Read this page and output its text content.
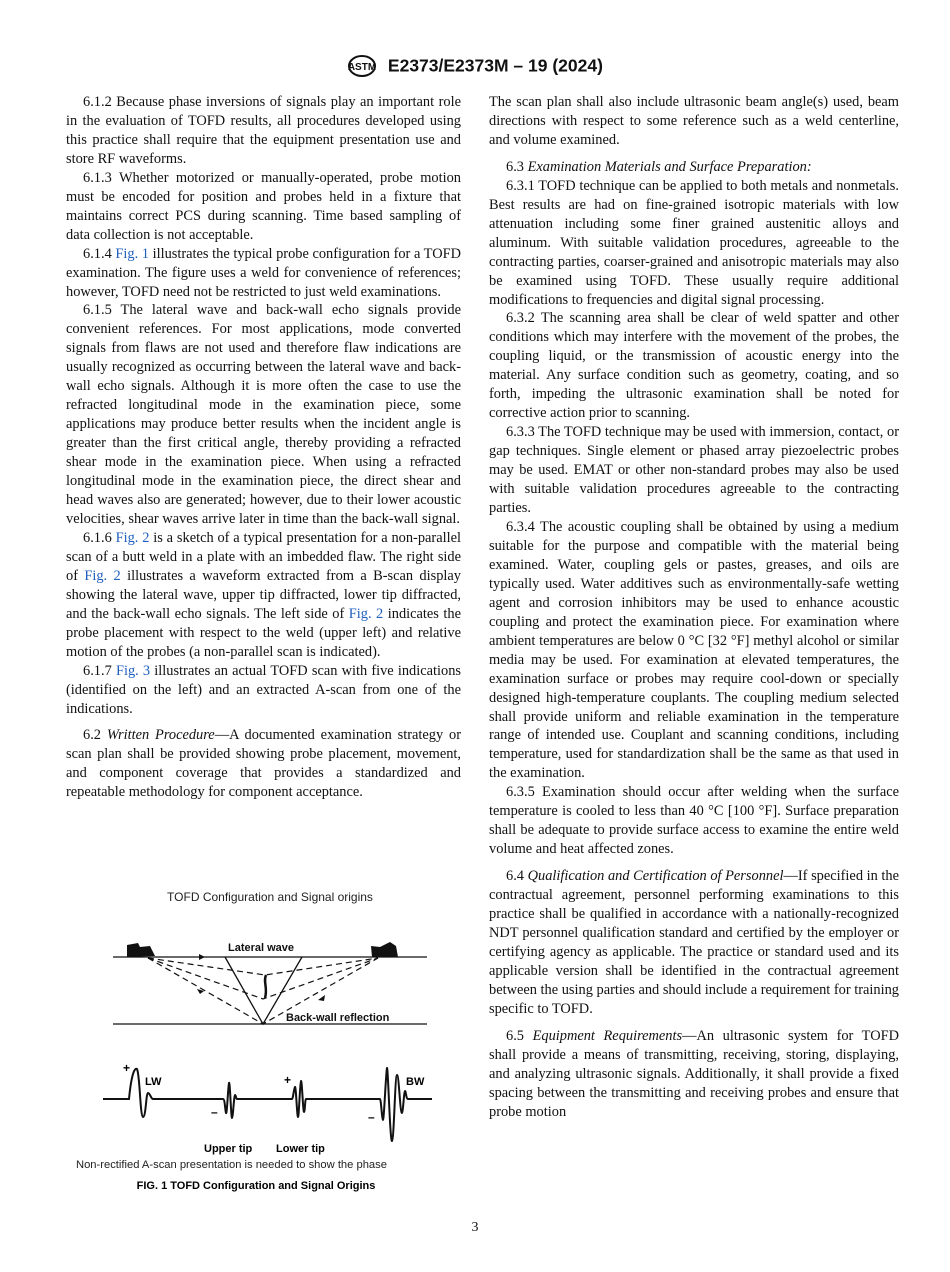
ASTM E2373/E2373M – 19 (2024)

6.1.2 Because phase inversions of signals play an important role in the evaluation of TOFD results, all procedures developed using this practice shall require that the equipment presentation use and store RF waveforms.

6.1.3 Whether motorized or manually-operated, probe motion must be encoded for position and probes held in a fixture that maintains correct PCS during scanning. Time based sampling of data collection is not acceptable.

6.1.4 Fig. 1 illustrates the typical probe configuration for a TOFD examination. The figure uses a weld for convenience of references; however, TOFD need not be restricted to just weld examinations.

6.1.5 The lateral wave and back-wall echo signals provide convenient references. For most applications, mode converted signals from flaws are not used and therefore flaw indications are usually recognized as occurring between the lateral wave and back-wall echo signals. Although it is more often the case to use the refracted longitudinal mode in the examination piece, some applications may produce better results when the incident angle is greater than the first critical angle, thereby providing a refracted shear mode in the examination piece. When using a refracted longitudinal mode in the examination piece, the direct shear and head waves also are generated; however, due to their lower acoustic velocities, shear waves arrive later in time than the back-wall signal.

6.1.6 Fig. 2 is a sketch of a typical presentation for a non-parallel scan of a butt weld in a plate with an imbedded flaw. The right side of Fig. 2 illustrates a waveform extracted from a B-scan display showing the lateral wave, upper tip diffracted, lower tip diffracted, and the back-wall echo signals. The left side of Fig. 2 indicates the probe placement with respect to the weld (upper left) and relative motion of the probes (a non-parallel scan is indicated).

6.1.7 Fig. 3 illustrates an actual TOFD scan with five indications (identified on the left) and an extracted A-scan from one of the indications.

6.2 Written Procedure—A documented examination strategy or scan plan shall be provided showing probe placement, movement, and component coverage that provides a standardized and repeatable methodology for component acceptance.

The scan plan shall also include ultrasonic beam angle(s) used, beam directions with respect to some reference such as a weld centerline, and volume examined.

6.3 Examination Materials and Surface Preparation:

6.3.1 TOFD technique can be applied to both metals and nonmetals. Best results are had on fine-grained isotropic materials with low attenuation including some finer grained austenitic alloys and aluminum. With suitable validation procedures, agreeable to the contracting parties, coarser-grained and anisotropic materials may also be examined using TOFD. These usually require additional modifications to frequencies and digital signal processing.

6.3.2 The scanning area shall be clear of weld spatter and other conditions which may interfere with the movement of the probes, the coupling liquid, or the transmission of acoustic energy into the material. Any surface condition such as geometry, coating, and so forth, impeding the ultrasonic examination shall be noted for corrective action prior to scanning.

6.3.3 The TOFD technique may be used with immersion, contact, or gap techniques. Single element or phased array piezoelectric probes may be used. EMAT or other non-standard probes may also be used with suitable validation procedures agreeable to the contracting parties.

6.3.4 The acoustic coupling shall be obtained by using a medium suitable for the purpose and compatible with the material being examined. Water, coupling gels or pastes, greases, and oils are typically used. Water additives such as environmentally-safe wetting agent and corrosion inhibitors may be used to enhance acoustic coupling and protect the examination piece. For examination where ambient temperatures are below 0 °C [32 °F] methyl alcohol or similar media may be used. For examination at elevated temperatures, the examination surface or probes may require cool-down or specially designed high-temperature couplants. The coupling medium selected shall provide uniform and reliable examination in the temperature range of intended use. Couplant and scanning conditions, including temperature, used for standardization shall be the same as that used in the examination.

6.3.5 Examination should occur after welding when the surface temperature is cooled to less than 40 °C [100 °F]. Surface preparation shall be adequate to provide surface access to examine the entire weld volume and heat affected zones.

6.4 Qualification and Certification of Personnel—If specified in the contractual agreement, personnel performing examinations to this practice shall be qualified in accordance with a nationally-recognized NDT personnel qualification standard and certified by the employer or certifying agency as applicable. The practice or standard used and its applicable version shall be identified in the contractual agreement between the using parties and should include a requirement for training specific to TOFD.

6.5 Equipment Requirements—An ultrasonic system for TOFD shall provide a means of transmitting, receiving, storing, displaying, and analyzing ultrasonic signals. Additionally, it shall provide a fixed spacing between the transmitting and receiving probes and ensure that probe motion

TOFD Configuration and Signal origins
Lateral wave
Back-wall reflection
+
LW
–
+
–
BW
Upper tip Lower tip
Non-rectified A-scan presentation is needed to show the phase
FIG. 1 TOFD Configuration and Signal Origins
3
